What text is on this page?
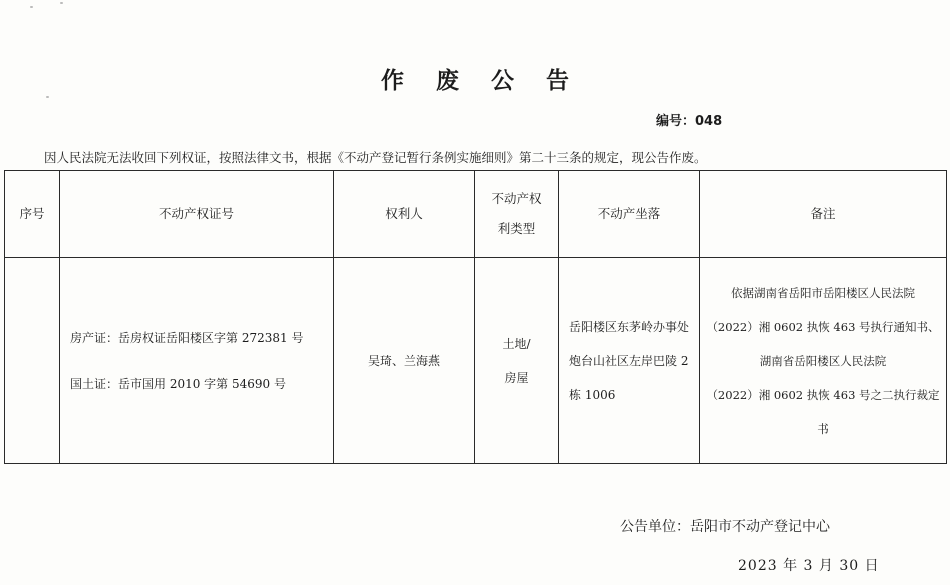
作 废 公 告
编号：048
因人民法院无法收回下列权证，按照法律文书，根据《不动产登记暂行条例实施细则》第二十三条的规定，现公告作废。
序号	不动产权证号	权利人	不动产权
利类型	不动产坐落	备注

	房产证：岳房权证岳阳楼区字第 272381 号
国土证：岳市国用 2010 字第 54690 号	吴琦、兰海燕	土地/
房屋	岳阳楼区东茅岭办事处
炮台山社区左岸巴陵 2
栋 1006	依据湖南省岳阳市岳阳楼区人民法院
（2022）湘 0602 执恢 463 号执行通知书、
湖南省岳阳楼区人民法院
（2022）湘 0602 执恢 463 号之二执行裁定
书
公告单位：岳阳市不动产登记中心
2023 年 3 月 30 日
